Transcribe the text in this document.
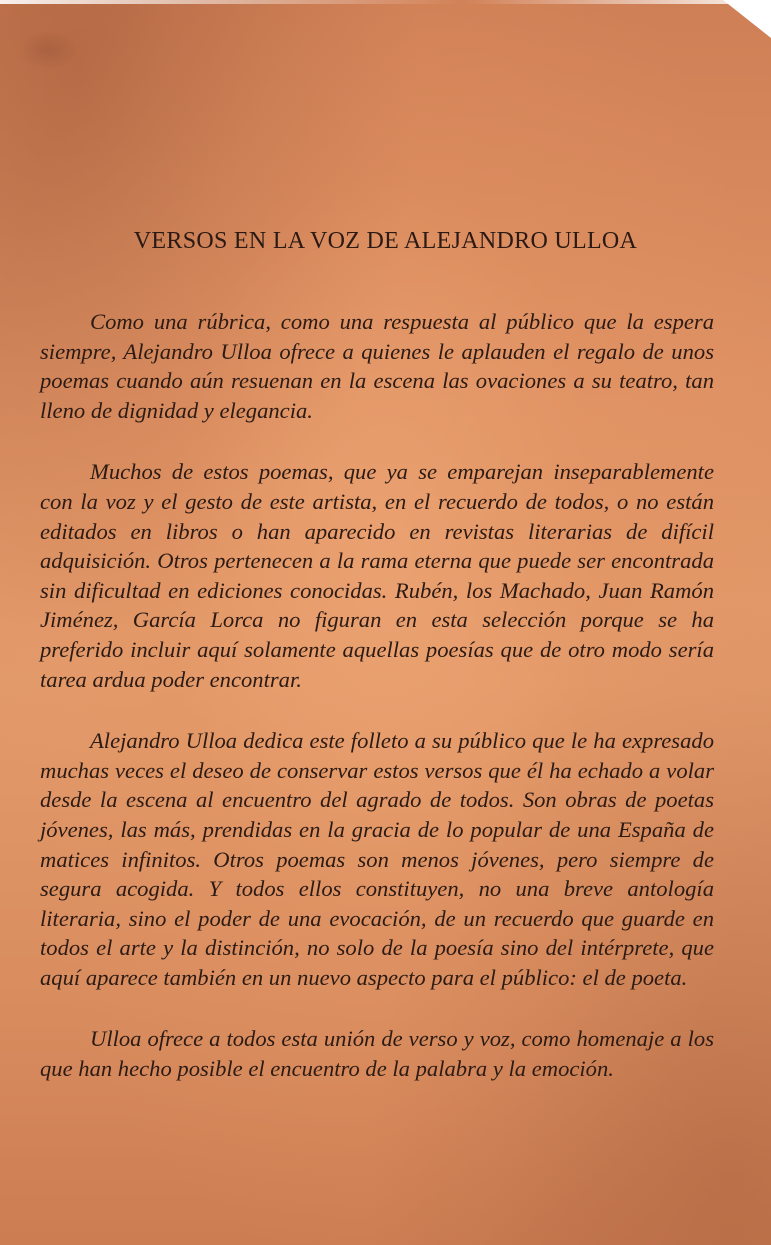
VERSOS EN LA VOZ DE ALEJANDRO ULLOA

Como una rúbrica, como una respuesta al público que la espera siempre, Alejandro Ulloa ofrece a quienes le aplauden el regalo de unos poemas cuando aún resuenan en la escena las ovaciones a su teatro, tan lleno de dignidad y elegancia.

Muchos de estos poemas, que ya se emparejan inseparablemente con la voz y el gesto de este artista, en el recuerdo de todos, o no están editados en libros o han aparecido en revistas literarias de difícil adquisición. Otros pertenecen a la rama eterna que puede ser encontrada sin dificultad en ediciones conocidas. Rubén, los Machado, Juan Ramón Jiménez, García Lorca no figuran en esta selección porque se ha preferido incluir aquí solamente aquellas poesías que de otro modo sería tarea ardua poder encontrar.

Alejandro Ulloa dedica este folleto a su público que le ha expresado muchas veces el deseo de conservar estos versos que él ha echado a volar desde la escena al encuentro del agrado de todos. Son obras de poetas jóvenes, las más, prendidas en la gracia de lo popular de una España de matices infinitos. Otros poemas son menos jóvenes, pero siempre de segura acogida. Y todos ellos constituyen, no una breve antología literaria, sino el poder de una evocación, de un recuerdo que guarde en todos el arte y la distinción, no solo de la poesía sino del intérprete, que aquí aparece también en un nuevo aspecto para el público: el de poeta.

Ulloa ofrece a todos esta unión de verso y voz, como homenaje a los que han hecho posible el encuentro de la palabra y la emoción.
